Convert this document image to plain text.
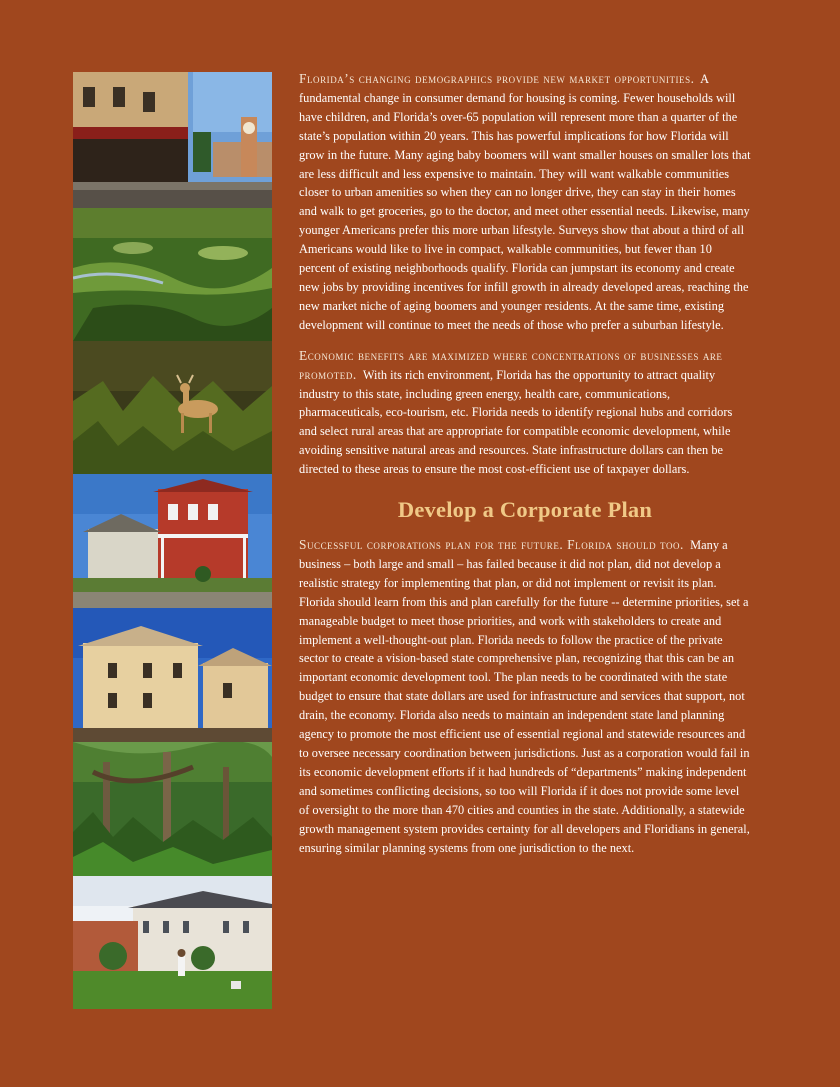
Florida’s changing demographics provide new market opportunities. A fundamental change in consumer demand for housing is coming. Fewer households will have children, and Florida’s over-65 population will represent more than a quarter of the state’s population within 20 years. This has powerful implications for how Florida will grow in the future. Many aging baby boomers will want smaller houses on smaller lots that are less difficult and less expensive to maintain. They will want walkable communities closer to urban amenities so when they can no longer drive, they can stay in their homes and walk to get groceries, go to the doctor, and meet other essential needs. Likewise, many younger Americans prefer this more urban lifestyle. Surveys show that about a third of all Americans would like to live in compact, walkable communities, but fewer than 10 percent of existing neighborhoods qualify. Florida can jumpstart its economy and create new jobs by providing incentives for infill growth in already developed areas, reaching the new market niche of aging boomers and younger residents. At the same time, existing development will continue to meet the needs of those who prefer a suburban lifestyle.

Economic benefits are maximized where concentrations of businesses are promoted. With its rich environment, Florida has the opportunity to attract quality industry to this state, including green energy, health care, communications, pharmaceuticals, eco-tourism, etc. Florida needs to identify regional hubs and corridors and select rural areas that are appropriate for compatible economic development, while avoiding sensitive natural areas and resources. State infrastructure dollars can then be directed to these areas to ensure the most cost-efficient use of taxpayer dollars.

Develop a Corporate Plan

Successful corporations plan for the future. Florida should too. Many a business – both large and small – has failed because it did not plan, did not develop a realistic strategy for implementing that plan, or did not implement or revisit its plan. Florida should learn from this and plan carefully for the future -- determine priorities, set a manageable budget to meet those priorities, and work with stakeholders to create and implement a well-thought-out plan. Florida needs to follow the practice of the private sector to create a vision-based state comprehensive plan, recognizing that this can be an important economic development tool. The plan needs to be coordinated with the state budget to ensure that state dollars are used for infrastructure and services that support, not drain, the economy. Florida also needs to maintain an independent state land planning agency to promote the most efficient use of essential regional and statewide resources and to oversee necessary coordination between jurisdictions. Just as a corporation would fail in its economic development efforts if it had hundreds of “departments” making independent and sometimes conflicting decisions, so too will Florida if it does not provide some level of oversight to the more than 470 cities and counties in the state. Additionally, a statewide growth management system provides certainty for all developers and Floridians in general, ensuring similar planning systems from one jurisdiction to the next.
